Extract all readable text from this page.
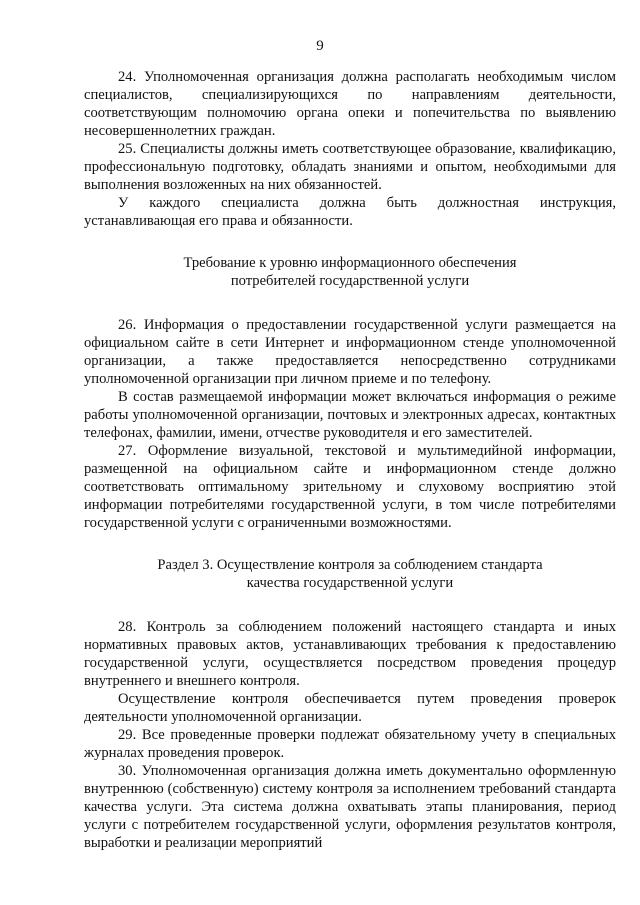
9

24. Уполномоченная организация должна располагать необходимым числом специалистов, специализирующихся по направлениям деятельности, соответствующим полномочию органа опеки и попечительства по выявлению несовершеннолетних граждан.

25. Специалисты должны иметь соответствующее образование, квалификацию, профессиональную подготовку, обладать знаниями и опытом, необходимыми для выполнения возложенных на них обязанностей.

У каждого специалиста должна быть должностная инструкция, устанавливающая его права и обязанности.

Требование к уровню информационного обеспечения
потребителей государственной услуги

26. Информация о предоставлении государственной услуги размещается на официальном сайте в сети Интернет и информационном стенде уполномоченной организации, а также предоставляется непосредственно сотрудниками уполномоченной организации при личном приеме и по телефону.

В состав размещаемой информации может включаться информация о режиме работы уполномоченной организации, почтовых и электронных адресах, контактных телефонах, фамилии, имени, отчестве руководителя и его заместителей.

27. Оформление визуальной, текстовой и мультимедийной информации, размещенной на официальном сайте и информационном стенде должно соответствовать оптимальному зрительному и слуховому восприятию этой информации потребителями государственной услуги, в том числе потребителями государственной услуги с ограниченными возможностями.

Раздел 3. Осуществление контроля за соблюдением стандарта
качества государственной услуги

28. Контроль за соблюдением положений настоящего стандарта и иных нормативных правовых актов, устанавливающих требования к предоставлению государственной услуги, осуществляется посредством проведения процедур внутреннего и внешнего контроля.

Осуществление контроля обеспечивается путем проведения проверок деятельности уполномоченной организации.

29. Все проведенные проверки подлежат обязательному учету в специальных журналах проведения проверок.

30. Уполномоченная организация должна иметь документально оформленную внутреннюю (собственную) систему контроля за исполнением требований стандарта качества услуги. Эта система должна охватывать этапы планирования, период услуги с потребителем государственной услуги, оформления результатов контроля, выработки и реализации мероприятий
